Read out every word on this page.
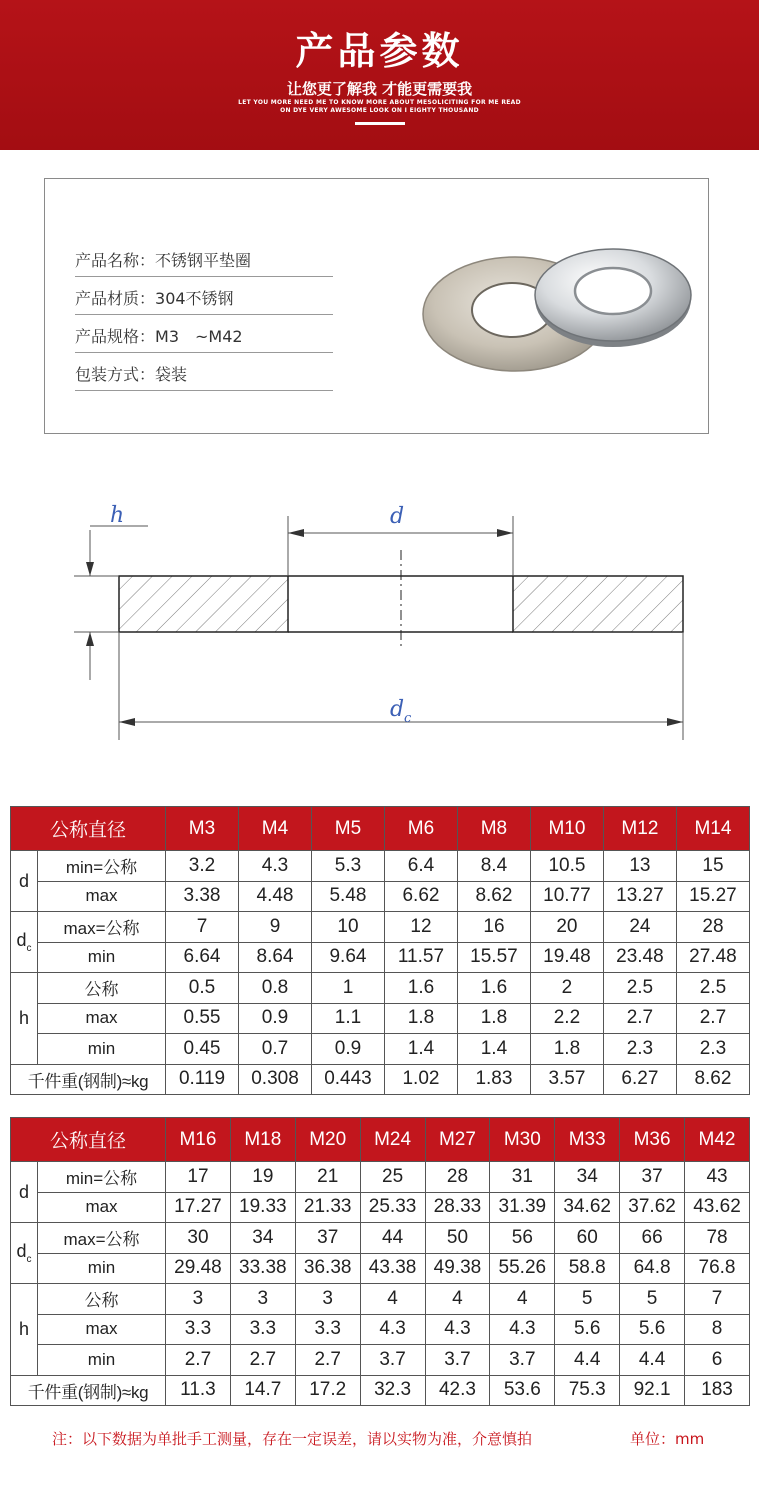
产品参数
让您更了解我 才能更需要我
LET YOU MORE NEED ME TO KNOW MORE ABOUT MESOLICITING FOR ME READ
ON DYE VERY AWESOME LOOK ON I EIGHTY THOUSAND
产品名称：不锈钢平垫圈
产品材质：304不锈钢
产品规格：M3　~M42
包装方式：袋装
h	d
d c
公称直径		M3	M4	M5	M6	M8	M10	M12	M14
d	min=公称	3.2	4.3	5.3	6.4	8.4	10.5	13	15
	max	3.38	4.48	5.48	6.62	8.62	10.77	13.27	15.27
$d_c$	max=公称	7	9	10	12	16	20	24	28
	min	6.64	8.64	9.64	11.57	15.57	19.48	23.48	27.48
h	公称	0.5	0.8	1	1.6	1.6	2	2.5	2.5
	max	0.55	0.9	1.1	1.8	1.8	2.2	2.7	2.7
	min	0.45	0.7	0.9	1.4	1.4	1.8	2.3	2.3
千件重(钢制)≈kg		0.119	0.308	0.443	1.02	1.83	3.57	6.27	8.62
公称直径		M16	M18	M20	M24	M27	M30	M33	M36	M42
d	min=公称	17	19	21	25	28	31	34	37	43
	max	17.27	19.33	21.33	25.33	28.33	31.39	34.62	37.62	43.62
$d_c$	max=公称	30	34	37	44	50	56	60	66	78
	min	29.48	33.38	36.38	43.38	49.38	55.26	58.8	64.8	76.8
h	公称	3	3	3	4	4	4	5	5	7
	max	3.3	3.3	3.3	4.3	4.3	4.3	5.6	5.6	8
	min	2.7	2.7	2.7	3.7	3.7	3.7	4.4	4.4	6
千件重(钢制)≈kg		11.3	14.7	17.2	32.3	42.3	53.6	75.3	92.1	183
注：以下数据为单批手工测量，存在一定误差，请以实物为准，介意慎拍	单位：mm
